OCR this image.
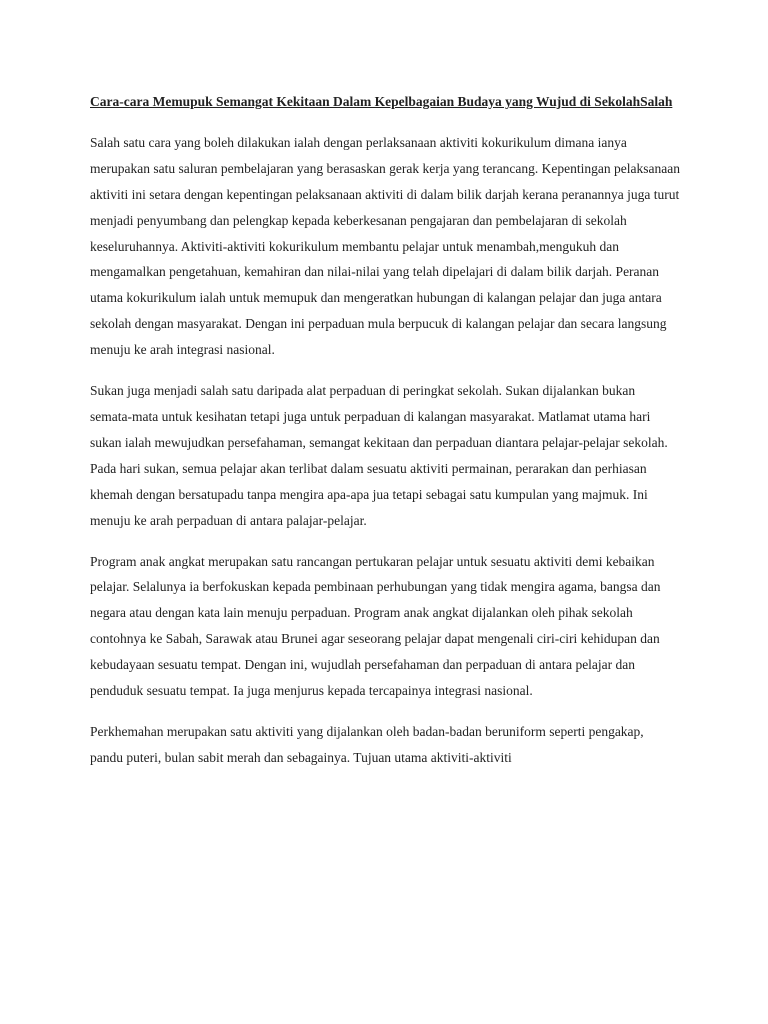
Cara-cara Memupuk Semangat Kekitaan Dalam Kepelbagaian Budaya yang Wujud di SekolahSalah

Salah satu cara yang boleh dilakukan ialah dengan perlaksanaan aktiviti kokurikulum dimana ianya merupakan satu saluran pembelajaran yang berasaskan gerak kerja yang terancang. Kepentingan pelaksanaan aktiviti ini setara dengan kepentingan pelaksanaan aktiviti di dalam bilik darjah kerana peranannya juga turut menjadi penyumbang dan pelengkap kepada keberkesanan pengajaran dan pembelajaran di sekolah keseluruhannya. Aktiviti-aktiviti kokurikulum membantu pelajar untuk menambah,mengukuh dan mengamalkan pengetahuan, kemahiran dan nilai-nilai yang telah dipelajari di dalam bilik darjah. Peranan utama kokurikulum ialah untuk memupuk dan mengeratkan hubungan di kalangan pelajar dan juga antara sekolah dengan masyarakat. Dengan ini perpaduan mula berpucuk di kalangan pelajar dan secara langsung menuju ke arah integrasi nasional.

Sukan juga menjadi salah satu daripada alat perpaduan di peringkat sekolah. Sukan dijalankan bukan semata-mata untuk kesihatan tetapi juga untuk perpaduan di kalangan masyarakat. Matlamat utama hari sukan ialah mewujudkan persefahaman, semangat kekitaan dan perpaduan diantara pelajar-pelajar sekolah. Pada hari sukan, semua pelajar akan terlibat dalam sesuatu aktiviti permainan, perarakan dan perhiasan khemah dengan bersatupadu tanpa mengira apa-apa jua tetapi sebagai satu kumpulan yang majmuk. Ini menuju ke arah perpaduan di antara palajar-pelajar.

Program anak angkat merupakan satu rancangan pertukaran pelajar untuk sesuatu aktiviti demi kebaikan pelajar. Selalunya ia berfokuskan kepada pembinaan perhubungan yang tidak mengira agama, bangsa dan negara atau dengan kata lain menuju perpaduan. Program anak angkat dijalankan oleh pihak sekolah contohnya ke Sabah, Sarawak atau Brunei agar seseorang pelajar dapat mengenali ciri-ciri kehidupan dan kebudayaan sesuatu tempat. Dengan ini, wujudlah persefahaman dan perpaduan di antara pelajar dan penduduk sesuatu tempat. Ia juga menjurus kepada tercapainya integrasi nasional.

Perkhemahan merupakan satu aktiviti yang dijalankan oleh badan-badan beruniform seperti pengakap, pandu puteri, bulan sabit merah dan sebagainya. Tujuan utama aktiviti-aktiviti
